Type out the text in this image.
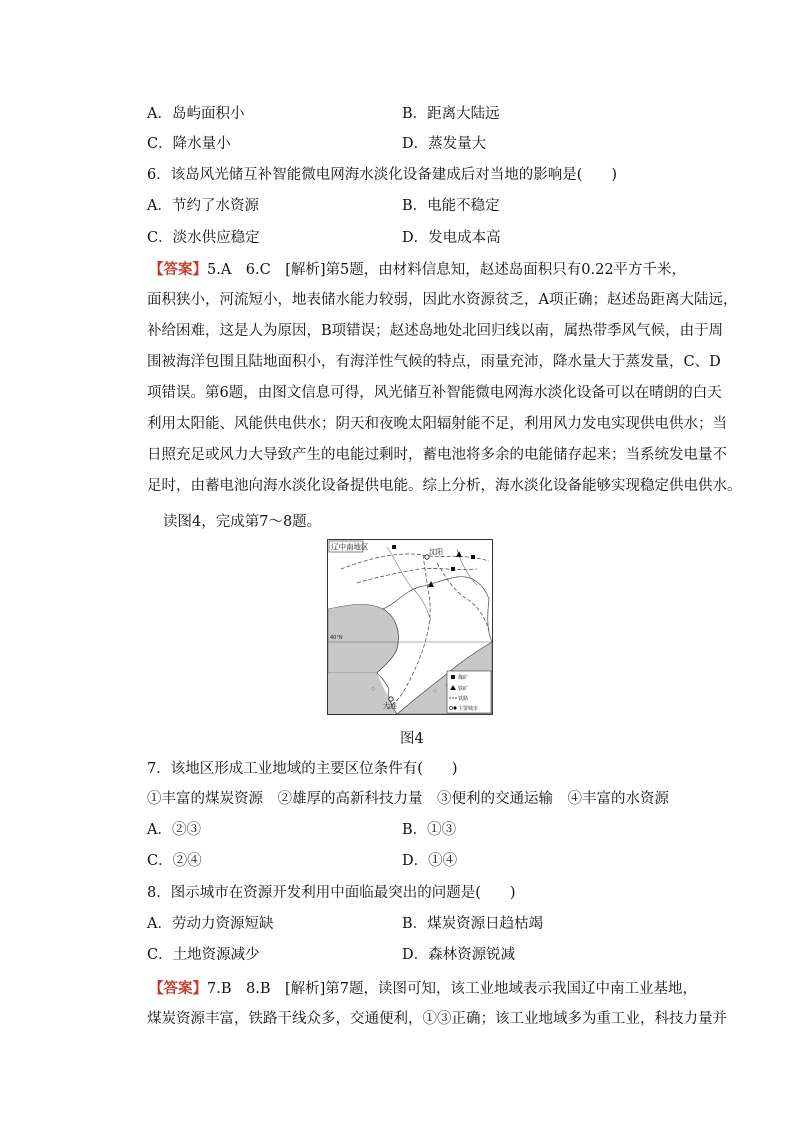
A．岛屿面积小	B．距离大陆远
C．降水量小	D．蒸发量大
6．该岛风光储互补智能微电网海水淡化设备建成后对当地的影响是(　　)
A．节约了水资源	B．电能不稳定
C．淡水供应稳定	D．发电成本高
【答案】5.A　6.C　[解析]第5题，由材料信息知，赵述岛面积只有0.22平方千米，
面积狭小，河流短小，地表储水能力较弱，因此水资源贫乏，A项正确；赵述岛距离大陆远，
补给困难，这是人为原因，B项错误；赵述岛地处北回归线以南，属热带季风气候，由于周
围被海洋包围且陆地面积小，有海洋性气候的特点，雨量充沛，降水量大于蒸发量，C、D
项错误。第6题，由图文信息可得，风光储互补智能微电网海水淡化设备可以在晴朗的白天
利用太阳能、风能供电供水；阴天和夜晚太阳辐射能不足，利用风力发电实现供电供水；当
日照充足或风力大导致产生的电能过剩时，蓄电池将多余的电能储存起来；当系统发电量不
足时，由蓄电池向海水淡化设备提供电能。综上分析，海水淡化设备能够实现稳定供电供水。
读图4，完成第7～8题。
40°N
辽中南地区
沈阳
大连
煤矿
铁矿
铁路
主要城市
图4
7．该地区形成工业地域的主要区位条件有(　　)
①丰富的煤炭资源　②雄厚的高新科技力量　③便利的交通运输　④丰富的水资源
A．②③	B．①③
C．②④	D．①④
8．图示城市在资源开发利用中面临最突出的问题是(　　)
A．劳动力资源短缺	B．煤炭资源日趋枯竭
C．土地资源减少	D．森林资源锐减
【答案】7.B　8.B　[解析]第7题，读图可知，该工业地域表示我国辽中南工业基地，
煤炭资源丰富，铁路干线众多，交通便利，①③正确；该工业地域多为重工业，科技力量并
